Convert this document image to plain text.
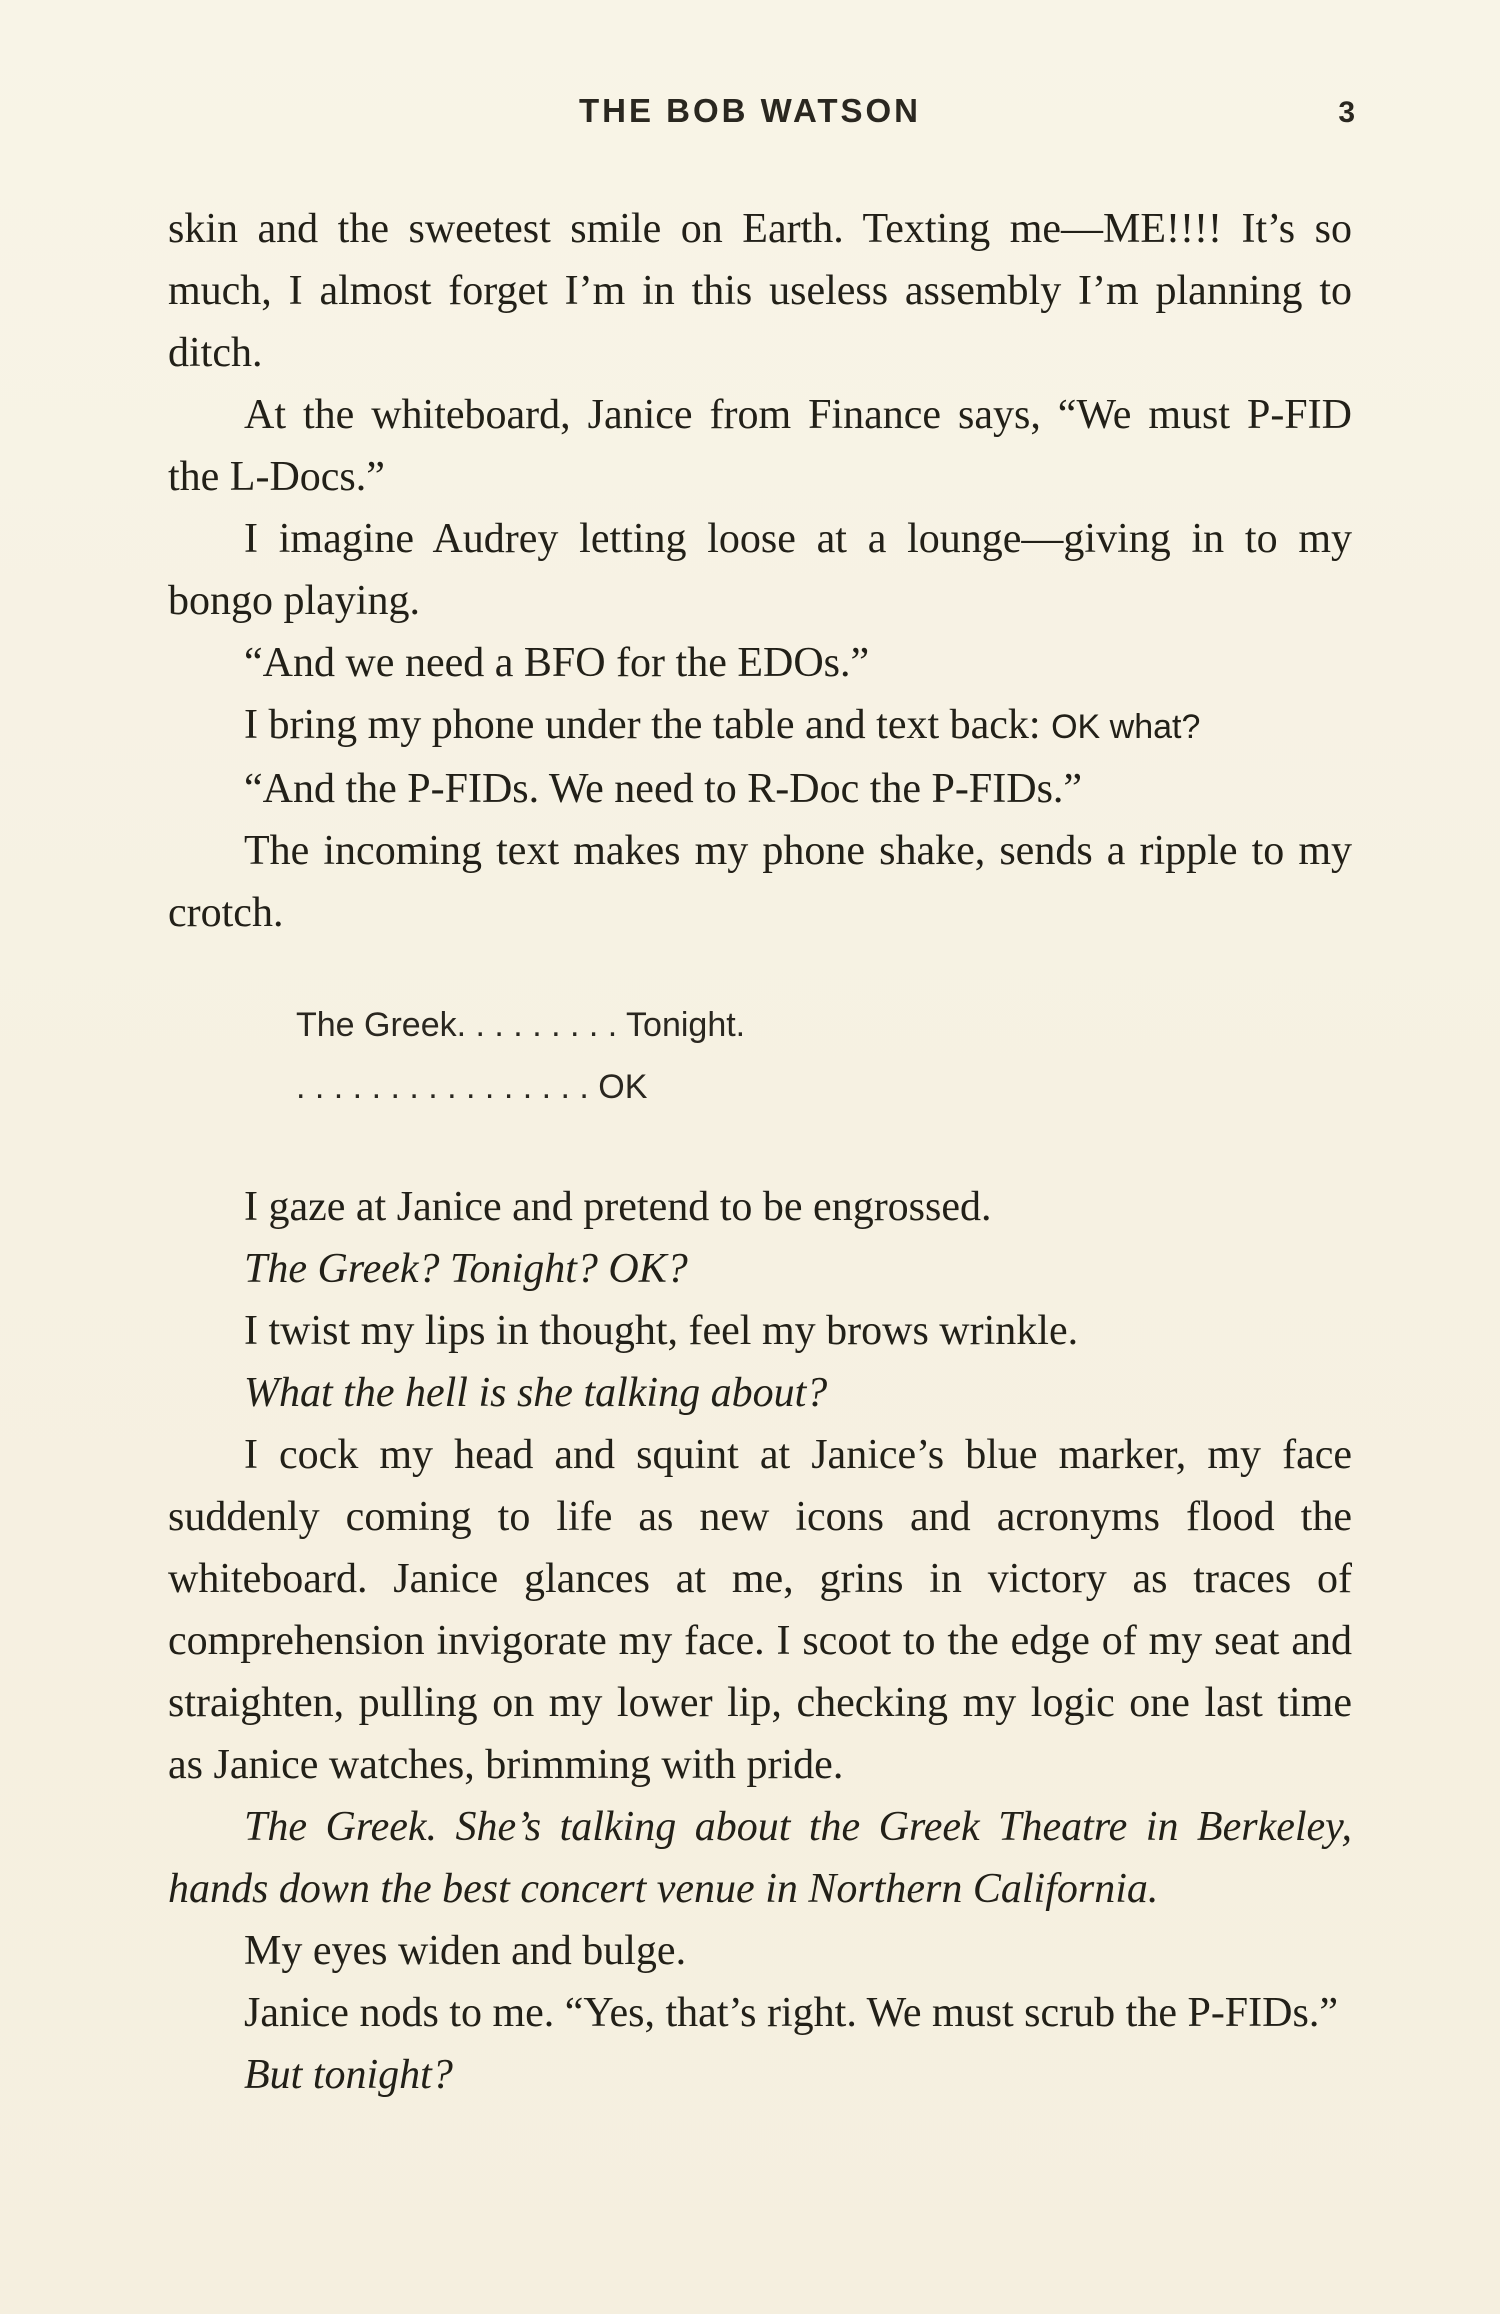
THE BOB WATSON	3

skin and the sweetest smile on Earth. Texting me—ME!!!! It’s so much, I almost forget I’m in this useless assembly I’m planning to ditch.

At the whiteboard, Janice from Finance says, “We must P-FID the L-Docs.”

I imagine Audrey letting loose at a lounge—giving in to my bongo playing.

“And we need a BFO for the EDOs.”

I bring my phone under the table and text back: OK what?

“And the P-FIDs. We need to R-Doc the P-FIDs.”

The incoming text makes my phone shake, sends a ripple to my crotch.

The Greek. . . . . . . . . Tonight.
. . . . . . . . . . . . . . . . OK

I gaze at Janice and pretend to be engrossed.

The Greek? Tonight? OK?

I twist my lips in thought, feel my brows wrinkle.

What the hell is she talking about?

I cock my head and squint at Janice’s blue marker, my face suddenly coming to life as new icons and acronyms flood the whiteboard. Janice glances at me, grins in victory as traces of comprehension invigorate my face. I scoot to the edge of my seat and straighten, pulling on my lower lip, checking my logic one last time as Janice watches, brimming with pride.

The Greek. She’s talking about the Greek Theatre in Berkeley, hands down the best concert venue in Northern California.

My eyes widen and bulge.

Janice nods to me. “Yes, that’s right. We must scrub the P-FIDs.”

But tonight?
